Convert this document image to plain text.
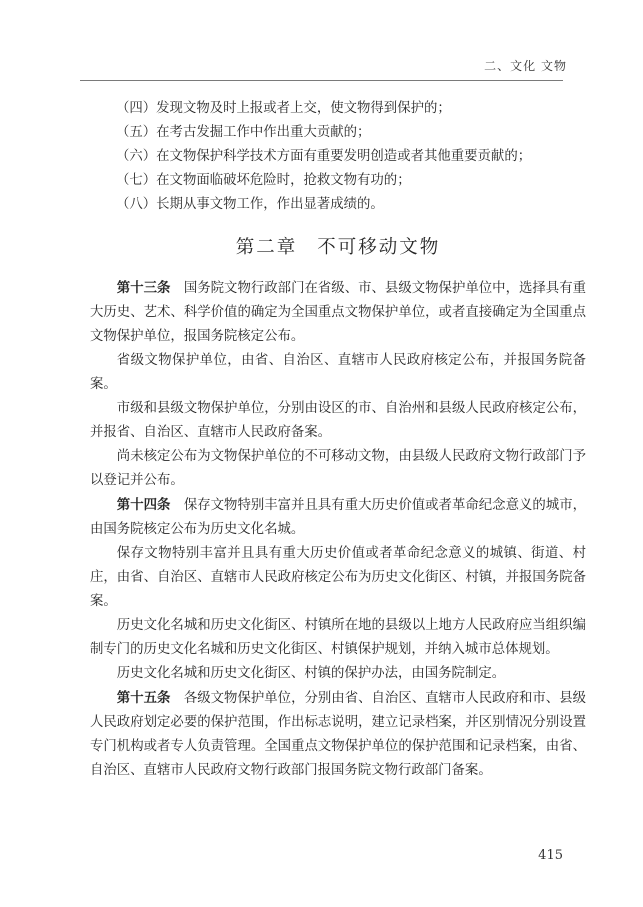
二、文化 文物

（四）发现文物及时上报或者上交，使文物得到保护的；

（五）在考古发掘工作中作出重大贡献的；

（六）在文物保护科学技术方面有重要发明创造或者其他重要贡献的；

（七）在文物面临破坏危险时，抢救文物有功的；

（八）长期从事文物工作，作出显著成绩的。

第二章 不可移动文物

第十三条　 国务院文物行政部门在省级、市、县级文物保护单位中，选择具有重大历史、艺术、科学价值的确定为全国重点文物保护单位，或者直接确定为全国重点文物保护单位，报国务院核定公布。

省级文物保护单位，由省、自治区、直辖市人民政府核定公布，并报国务院备案。

市级和县级文物保护单位，分别由设区的市、自治州和县级人民政府核定公布，并报省、自治区、直辖市人民政府备案。

尚未核定公布为文物保护单位的不可移动文物，由县级人民政府文物行政部门予以登记并公布。

第十四条　 保存文物特别丰富并且具有重大历史价值或者革命纪念意义的城市，由国务院核定公布为历史文化名城。

保存文物特别丰富并且具有重大历史价值或者革命纪念意义的城镇、街道、村庄，由省、自治区、直辖市人民政府核定公布为历史文化街区、村镇，并报国务院备案。

历史文化名城和历史文化街区、村镇所在地的县级以上地方人民政府应当组织编制专门的历史文化名城和历史文化街区、村镇保护规划，并纳入城市总体规划。

历史文化名城和历史文化街区、村镇的保护办法，由国务院制定。

第十五条　 各级文物保护单位，分别由省、自治区、直辖市人民政府和市、县级人民政府划定必要的保护范围，作出标志说明，建立记录档案，并区别情况分别设置专门机构或者专人负责管理。全国重点文物保护单位的保护范围和记录档案，由省、自治区、直辖市人民政府文物行政部门报国务院文物行政部门备案。

415
